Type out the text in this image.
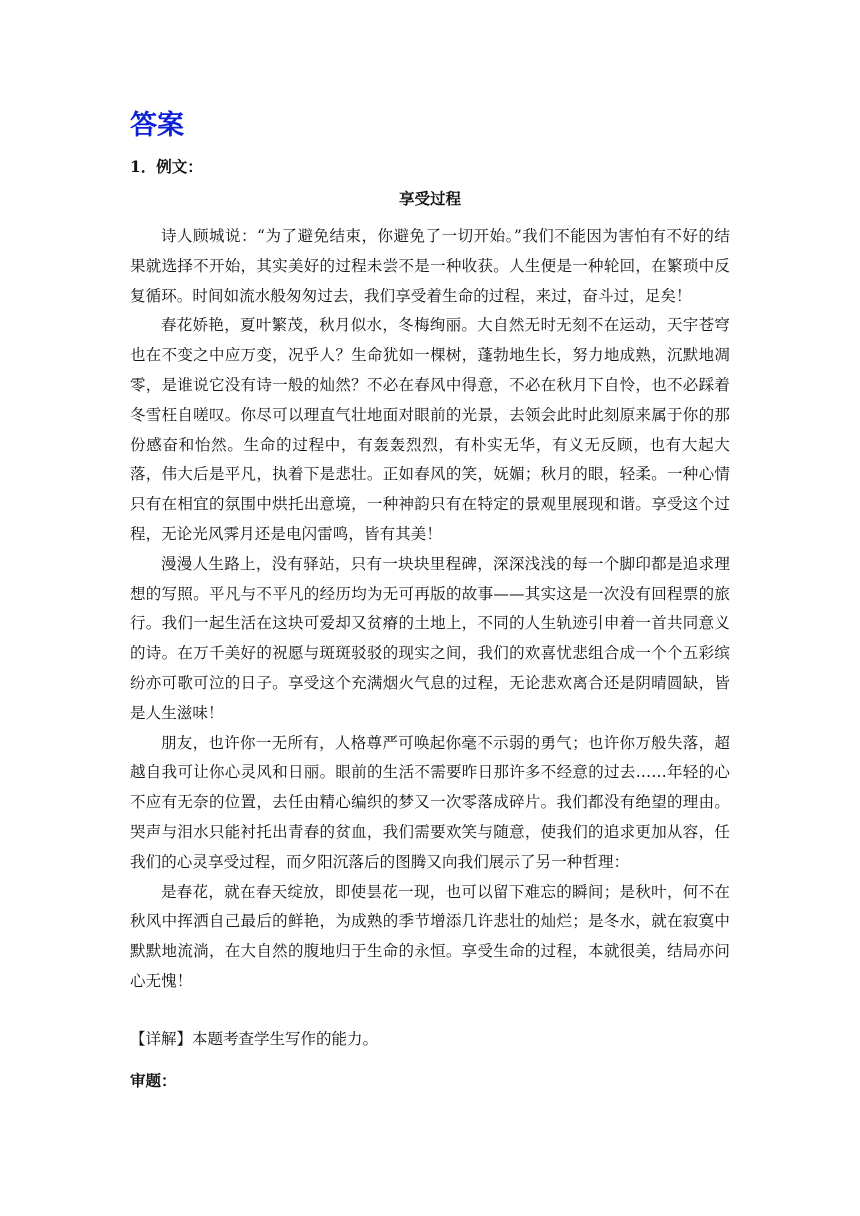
答案
1．例文：
享受过程

诗人顾城说：“为了避免结束，你避免了一切开始。”我们不能因为害怕有不好的结果就选择不开始，其实美好的过程未尝不是一种收获。人生便是一种轮回，在繁琐中反复循环。时间如流水般匆匆过去，我们享受着生命的过程，来过，奋斗过，足矣！

春花娇艳，夏叶繁茂，秋月似水，冬梅绚丽。大自然无时无刻不在运动，天宇苍穹也在不变之中应万变，况乎人？生命犹如一棵树，蓬勃地生长，努力地成熟，沉默地凋零，是谁说它没有诗一般的灿然？不必在春风中得意，不必在秋月下自怜，也不必踩着冬雪枉自嗟叹。你尽可以理直气壮地面对眼前的光景，去领会此时此刻原来属于你的那份感奋和怡然。生命的过程中，有轰轰烈烈，有朴实无华，有义无反顾，也有大起大落，伟大后是平凡，执着下是悲壮。正如春风的笑，妩媚；秋月的眼，轻柔。一种心情只有在相宜的氛围中烘托出意境，一种神韵只有在特定的景观里展现和谐。享受这个过程，无论光风霁月还是电闪雷鸣，皆有其美！

漫漫人生路上，没有驿站，只有一块块里程碑，深深浅浅的每一个脚印都是追求理想的写照。平凡与不平凡的经历均为无可再版的故事——其实这是一次没有回程票的旅行。我们一起生活在这块可爱却又贫瘠的土地上，不同的人生轨迹引申着一首共同意义的诗。在万千美好的祝愿与斑斑驳驳的现实之间，我们的欢喜忧悲组合成一个个五彩缤纷亦可歌可泣的日子。享受这个充满烟火气息的过程，无论悲欢离合还是阴晴圆缺，皆是人生滋味！

朋友，也许你一无所有，人格尊严可唤起你毫不示弱的勇气；也许你万般失落，超越自我可让你心灵风和日丽。眼前的生活不需要昨日那许多不经意的过去……年轻的心不应有无奈的位置，去任由精心编织的梦又一次零落成碎片。我们都没有绝望的理由。哭声与泪水只能衬托出青春的贫血，我们需要欢笑与随意，使我们的追求更加从容，任我们的心灵享受过程，而夕阳沉落后的图腾又向我们展示了另一种哲理：

是春花，就在春天绽放，即使昙花一现，也可以留下难忘的瞬间；是秋叶，何不在秋风中挥洒自己最后的鲜艳，为成熟的季节增添几许悲壮的灿烂；是冬水，就在寂寞中默默地流淌，在大自然的腹地归于生命的永恒。享受生命的过程，本就很美，结局亦问心无愧！

【详解】本题考查学生写作的能力。
审题：
